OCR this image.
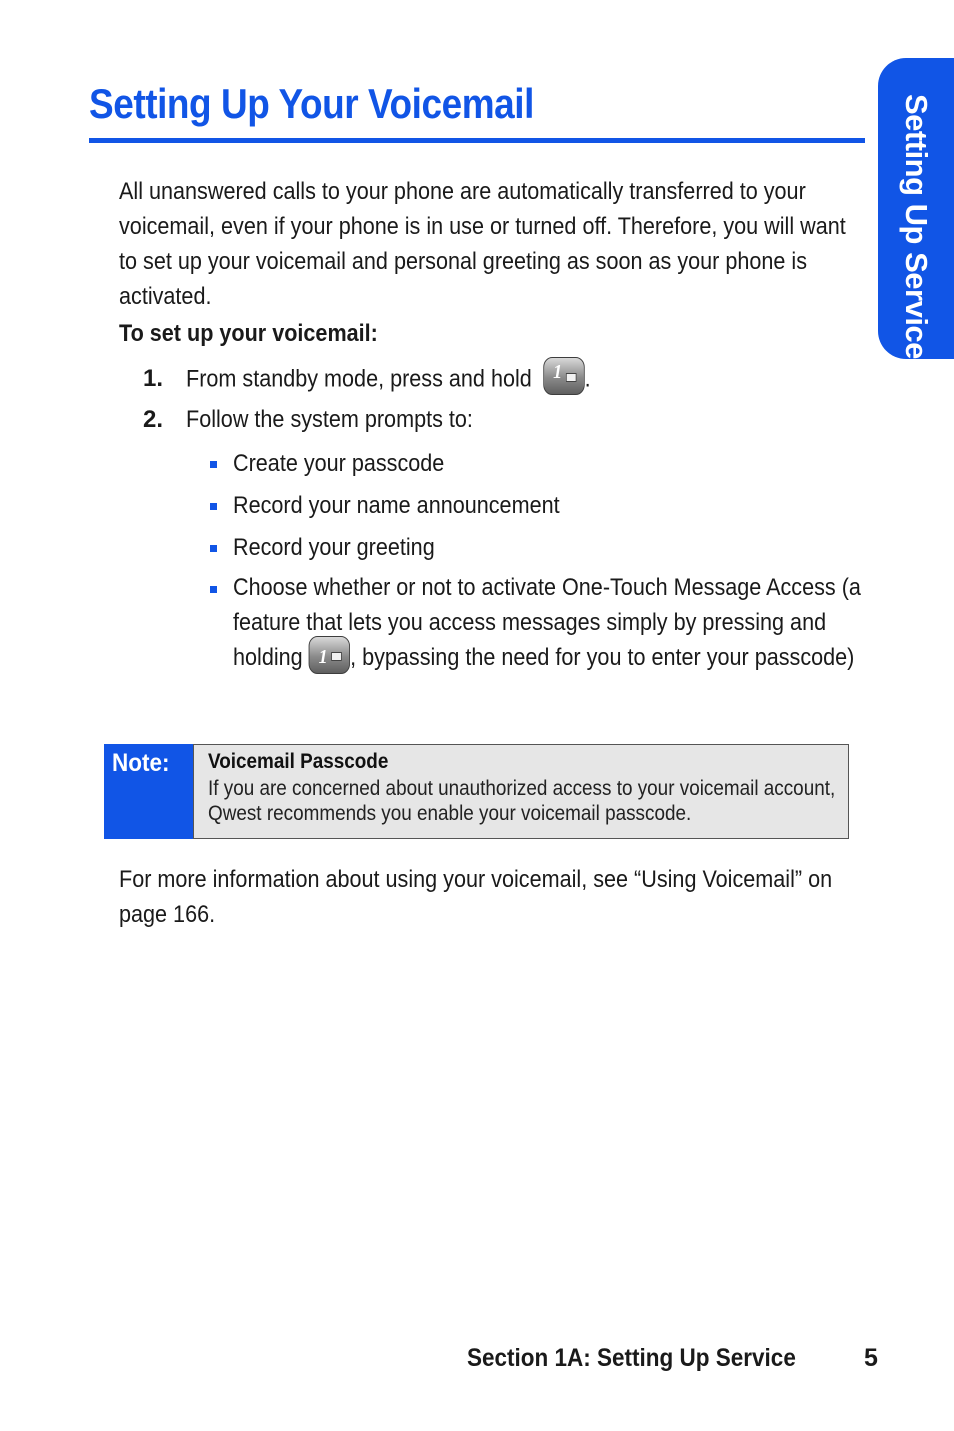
Setting Up Your Voicemail	Setting Up Service
All unanswered calls to your phone are automatically transferred to your voicemail, even if your phone is in use or turned off. Therefore, you will want to set up your voicemail and personal greeting as soon as your phone is activated.
To set up your voicemail:
1. From standby mode, press and hold 1 .
2. Follow the system prompts to:
Create your passcode
Record your name announcement
Record your greeting
Choose whether or not to activate One-Touch Message Access (a feature that lets you access messages simply by pressing and holding 1 , bypassing the need for you to enter your passcode)
Note: Voicemail Passcode
If you are concerned about unauthorized access to your voicemail account, Qwest recommends you enable your voicemail passcode.
For more information about using your voicemail, see “Using Voicemail” on page 166.
Section 1A: Setting Up Service	5
